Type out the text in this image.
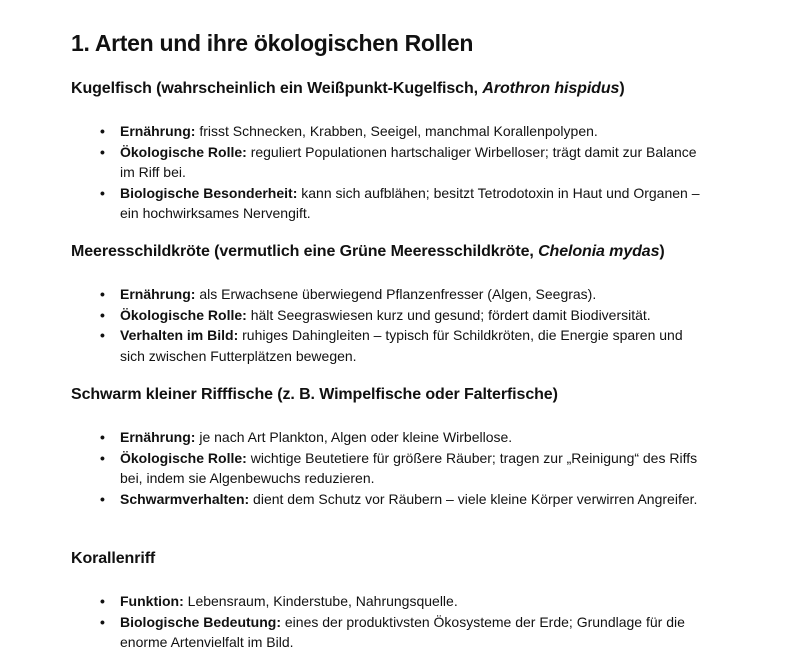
1. Arten und ihre ökologischen Rollen
Kugelfisch (wahrscheinlich ein Weißpunkt-Kugelfisch, Arothron hispidus)
• Ernährung: frisst Schnecken, Krabben, Seeigel, manchmal Korallenpolypen.
• Ökologische Rolle: reguliert Populationen hartschaliger Wirbelloser; trägt damit zur Balance im Riff bei.
• Biologische Besonderheit: kann sich aufblähen; besitzt Tetrodotoxin in Haut und Organen – ein hochwirksames Nervengift.
Meeresschildkröte (vermutlich eine Grüne Meeresschildkröte, Chelonia mydas)
• Ernährung: als Erwachsene überwiegend Pflanzenfresser (Algen, Seegras).
• Ökologische Rolle: hält Seegraswiesen kurz und gesund; fördert damit Biodiversität.
• Verhalten im Bild: ruhiges Dahingleiten – typisch für Schildkröten, die Energie sparen und sich zwischen Futterplätzen bewegen.
Schwarm kleiner Rifffische (z. B. Wimpelfische oder Falterfische)
• Ernährung: je nach Art Plankton, Algen oder kleine Wirbellose.
• Ökologische Rolle: wichtige Beutetiere für größere Räuber; tragen zur „Reinigung“ des Riffs bei, indem sie Algenbewuchs reduzieren.
• Schwarmverhalten: dient dem Schutz vor Räubern – viele kleine Körper verwirren Angreifer.
Korallenriff
• Funktion: Lebensraum, Kinderstube, Nahrungsquelle.
• Biologische Bedeutung: eines der produktivsten Ökosysteme der Erde; Grundlage für die enorme Artenvielfalt im Bild.
